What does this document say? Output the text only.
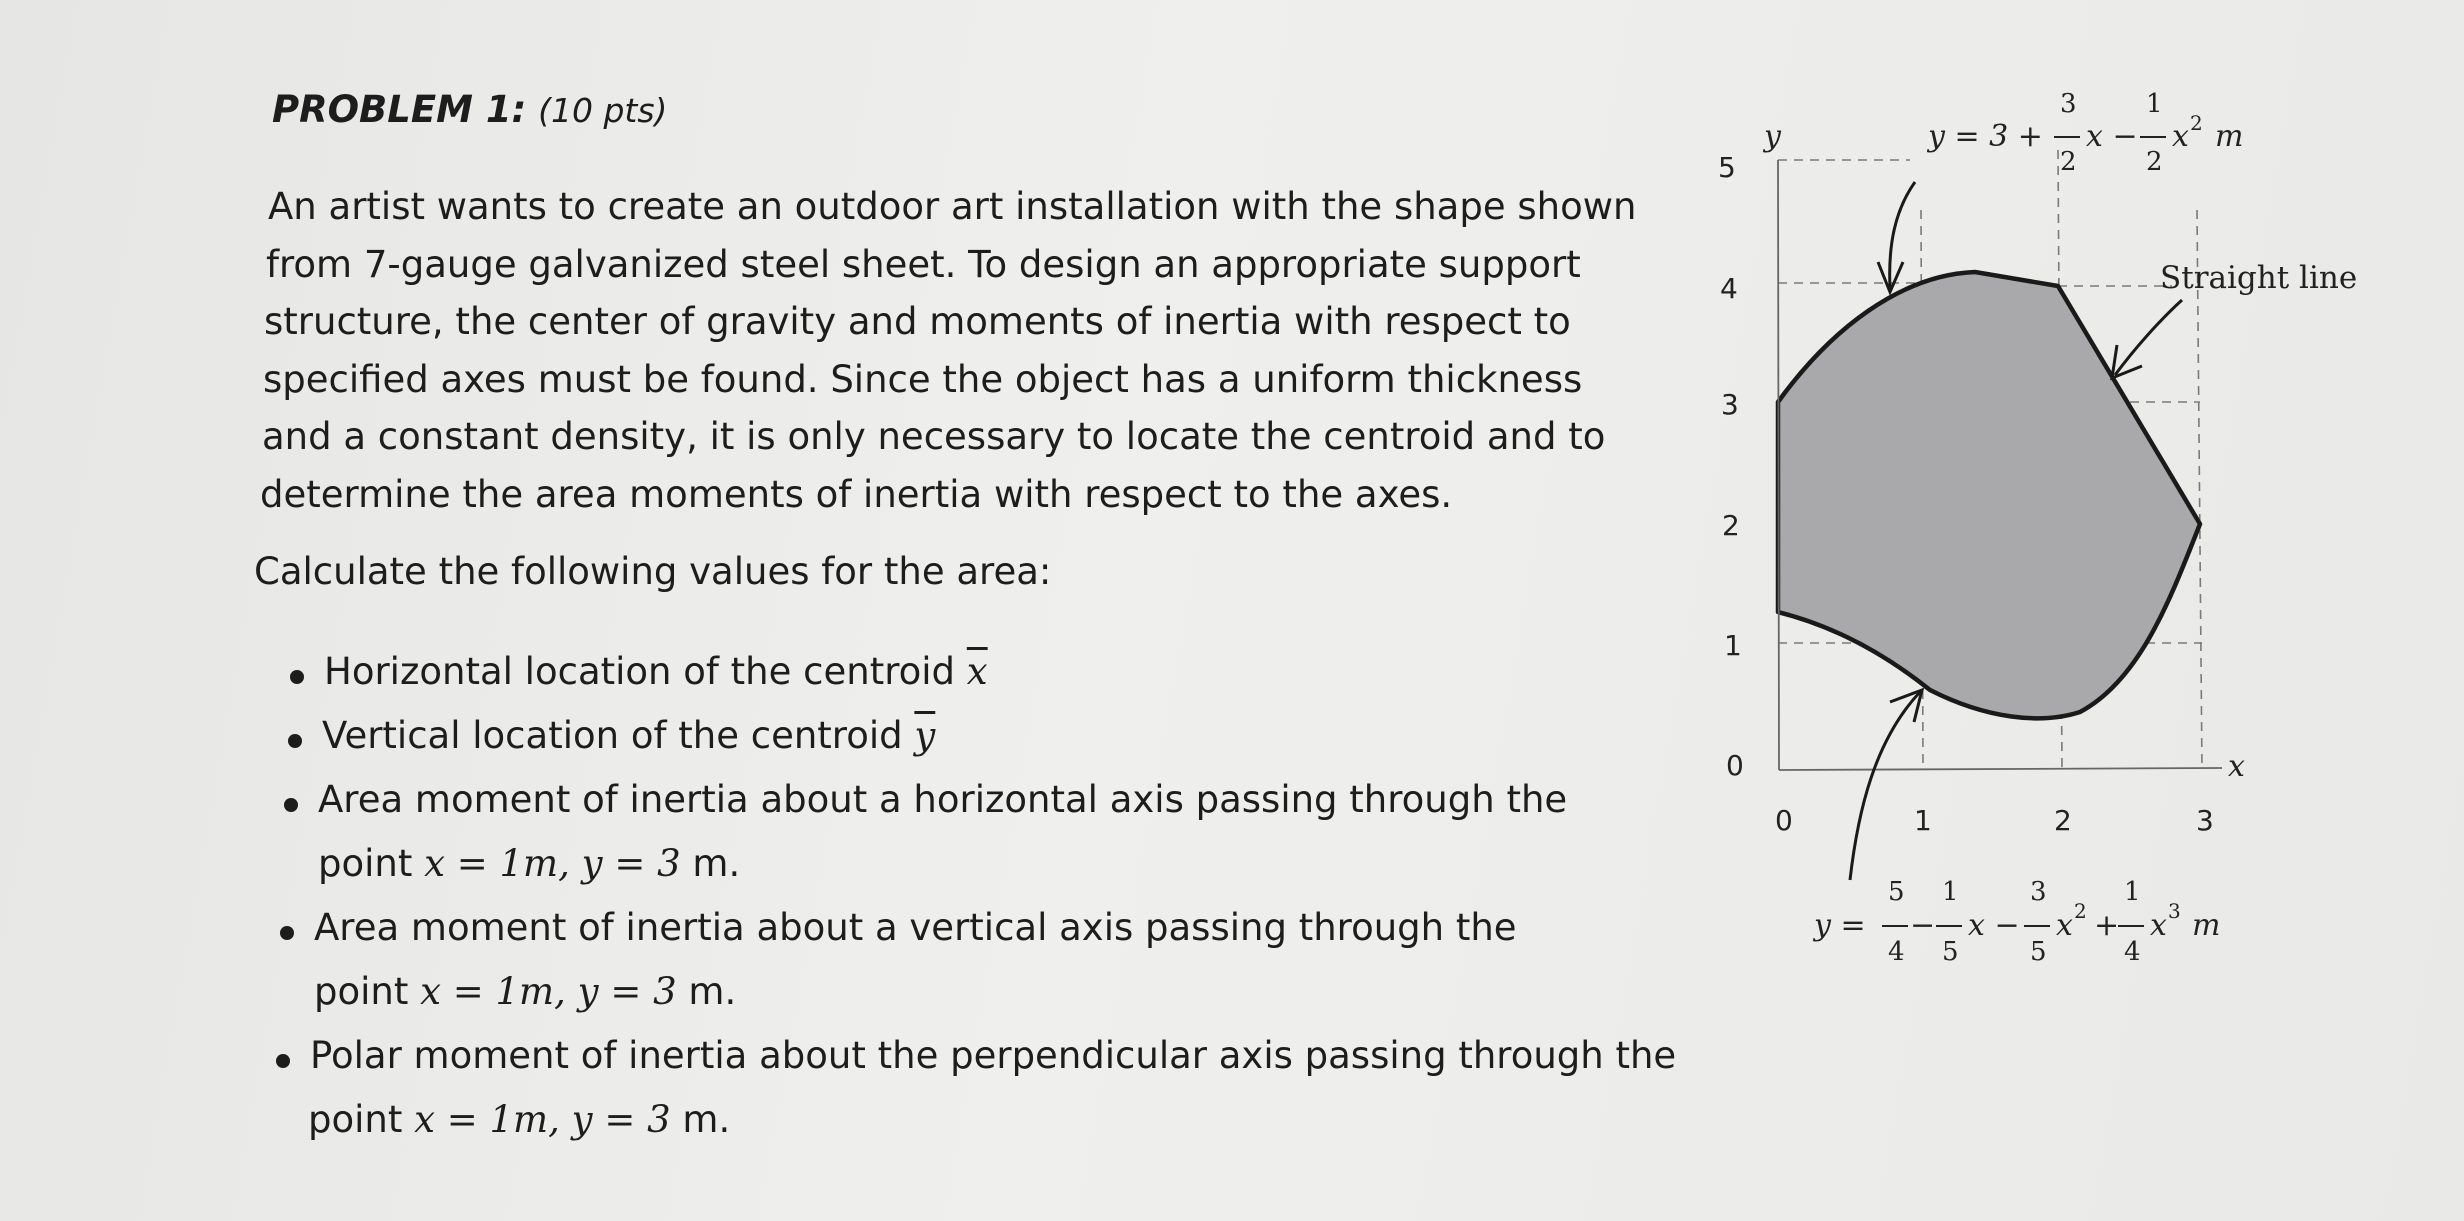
PROBLEM 1: (10 pts)

An artist wants to create an outdoor art installation with the shape shown
from 7-gauge galvanized steel sheet. To design an appropriate support
structure, the center of gravity and moments of inertia with respect to
specified axes must be found. Since the object has a uniform thickness
and a constant density, it is only necessary to locate the centroid and to
determine the area moments of inertia with respect to the axes.

Calculate the following values for the area:

Horizontal location of the centroid $\overline{x}$
Vertical location of the centroid $\overline{y}$
Area moment of inertia about a horizontal axis passing through the
Area moment of inertia about a vertical axis passing through the
Polar moment of inertia about the perpendicular axis passing through the
point x = 1m, y = 3 m.
point x = 1m, y = 3 m.
point x = 1m, y = 3 m.
5
4
3
2
1
0
0	1	2	3
y
x
Straight line
y = 3 +
3
2
x −
1
2
x 2 m
y =
5
4
−
1
5
x −
3
5
x 2 +
1
4
x 3 m
